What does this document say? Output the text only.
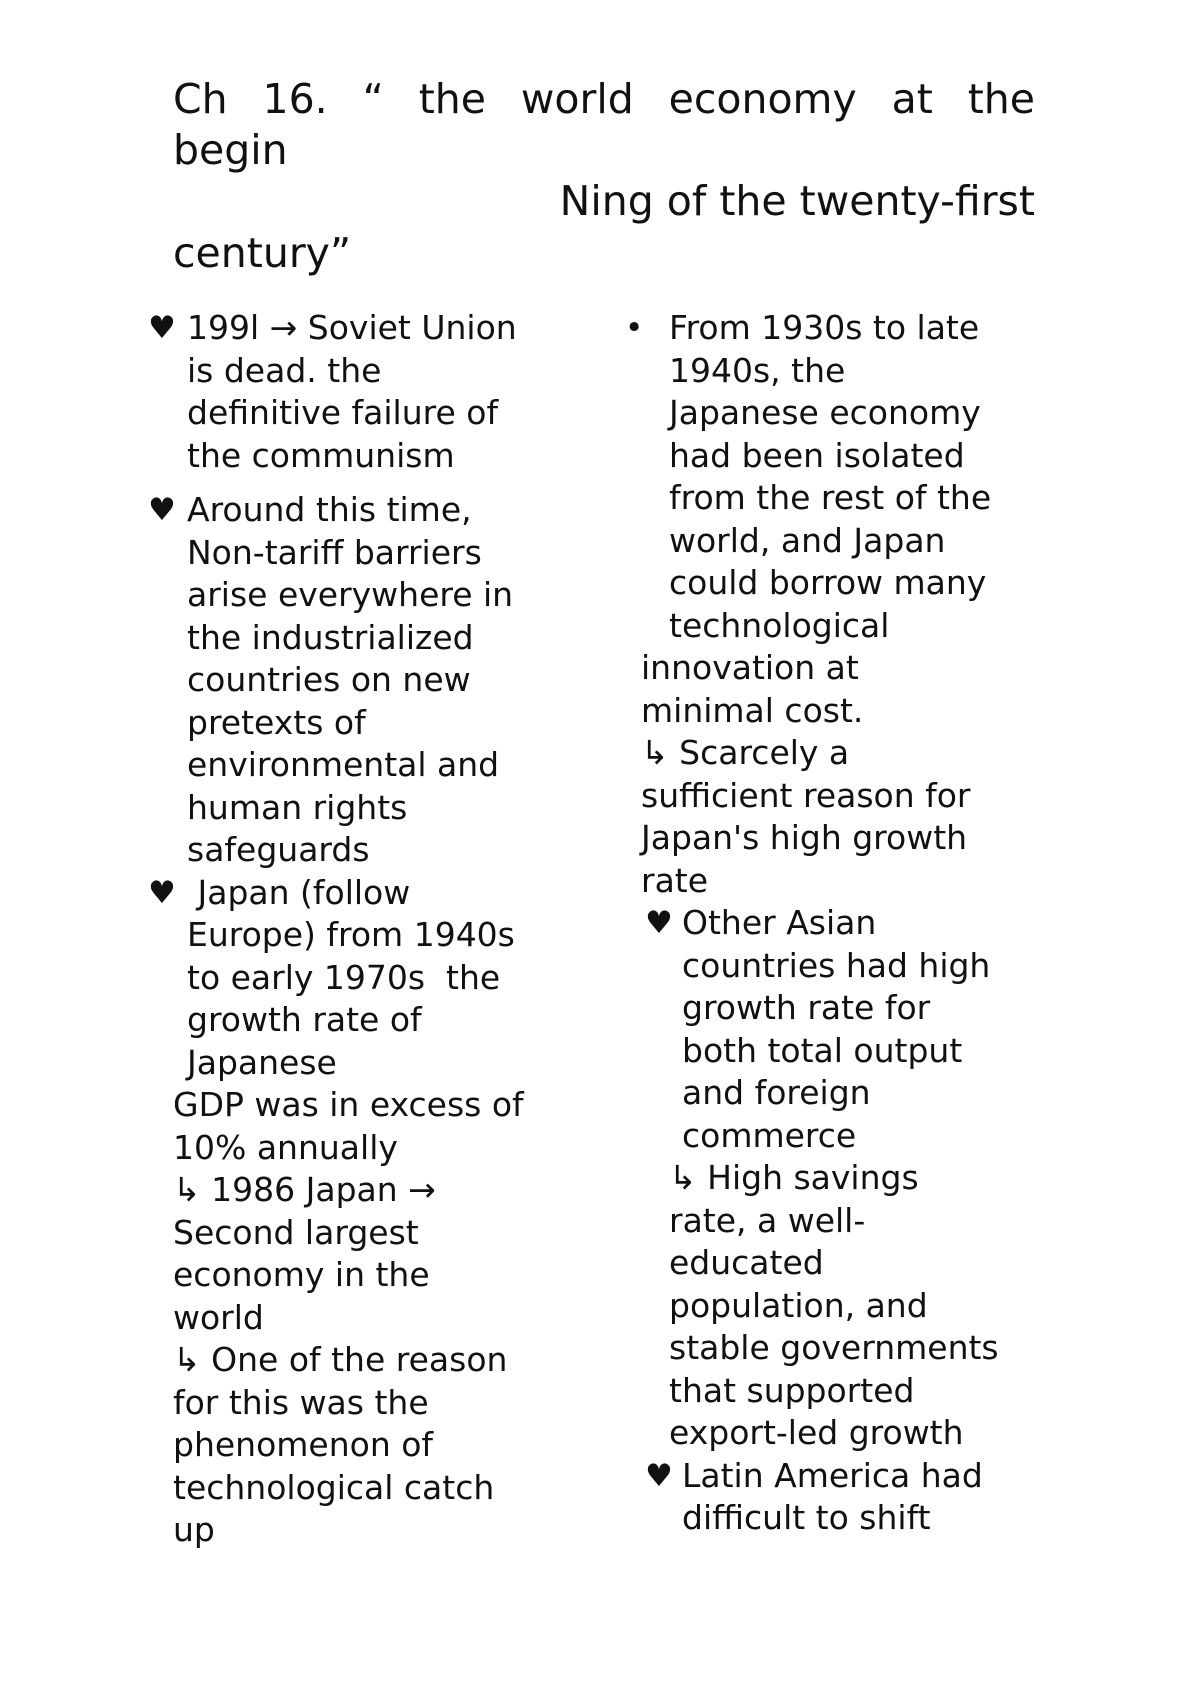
Ch 16. “ the world economy at the
begin
Ning of the twenty-first
century”
♥ 199l → Soviet Union
is dead. the
definitive failure of
the communism
♥ Around this time,
Non-tariff barriers
arise everywhere in
the industrialized
countries on new
pretexts of
environmental and
human rights
safeguards
♥ Japan (follow
Europe) from 1940s
to early 1970s  the
growth rate of
Japanese
GDP was in excess of
10% annually
↳ 1986 Japan →
Second largest
economy in the
world
↳ One of the reason
for this was the
phenomenon of
technological catch
up
• From 1930s to late
1940s, the
Japanese economy
had been isolated
from the rest of the
world, and Japan
could borrow many
technological
innovation at
minimal cost.
↳ Scarcely a
sufficient reason for
Japan's high growth
rate
♥ Other Asian
countries had high
growth rate for
both total output
and foreign
commerce
↳ High savings
rate, a well-
educated
population, and
stable governments
that supported
export-led growth
♥ Latin America had
difficult to shift
